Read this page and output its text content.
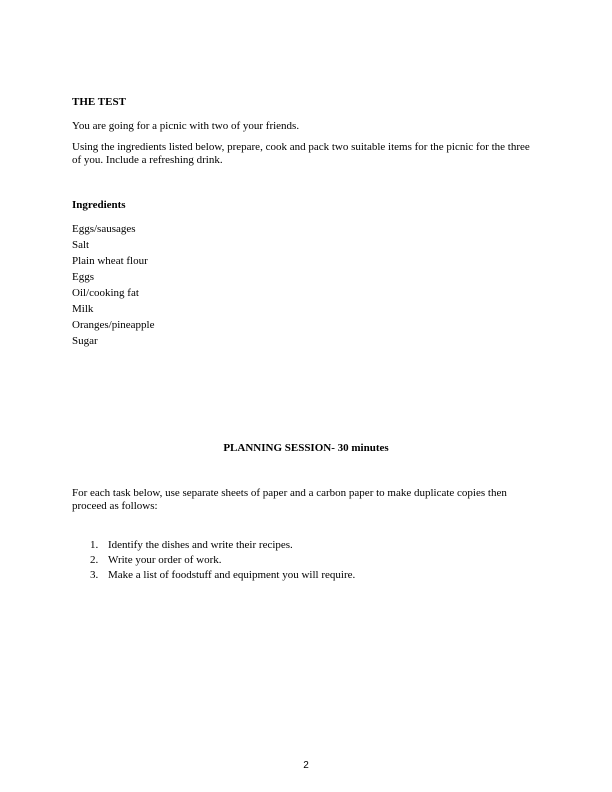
THE TEST

You are going for a picnic with two of your friends.

Using the ingredients listed below, prepare, cook and pack two suitable items for the picnic for the three of you. Include a refreshing drink.

Ingredients
Eggs/sausages
Salt
Plain wheat flour
Eggs
Oil/cooking fat
Milk
Oranges/pineapple
Sugar
PLANNING SESSION- 30 minutes

For each task below, use separate sheets of paper and a carbon paper to make duplicate copies then proceed as follows:

1. Identify the dishes and write their recipes.
2. Write your order of work.
3. Make a list of foodstuff and equipment you will require.
2
